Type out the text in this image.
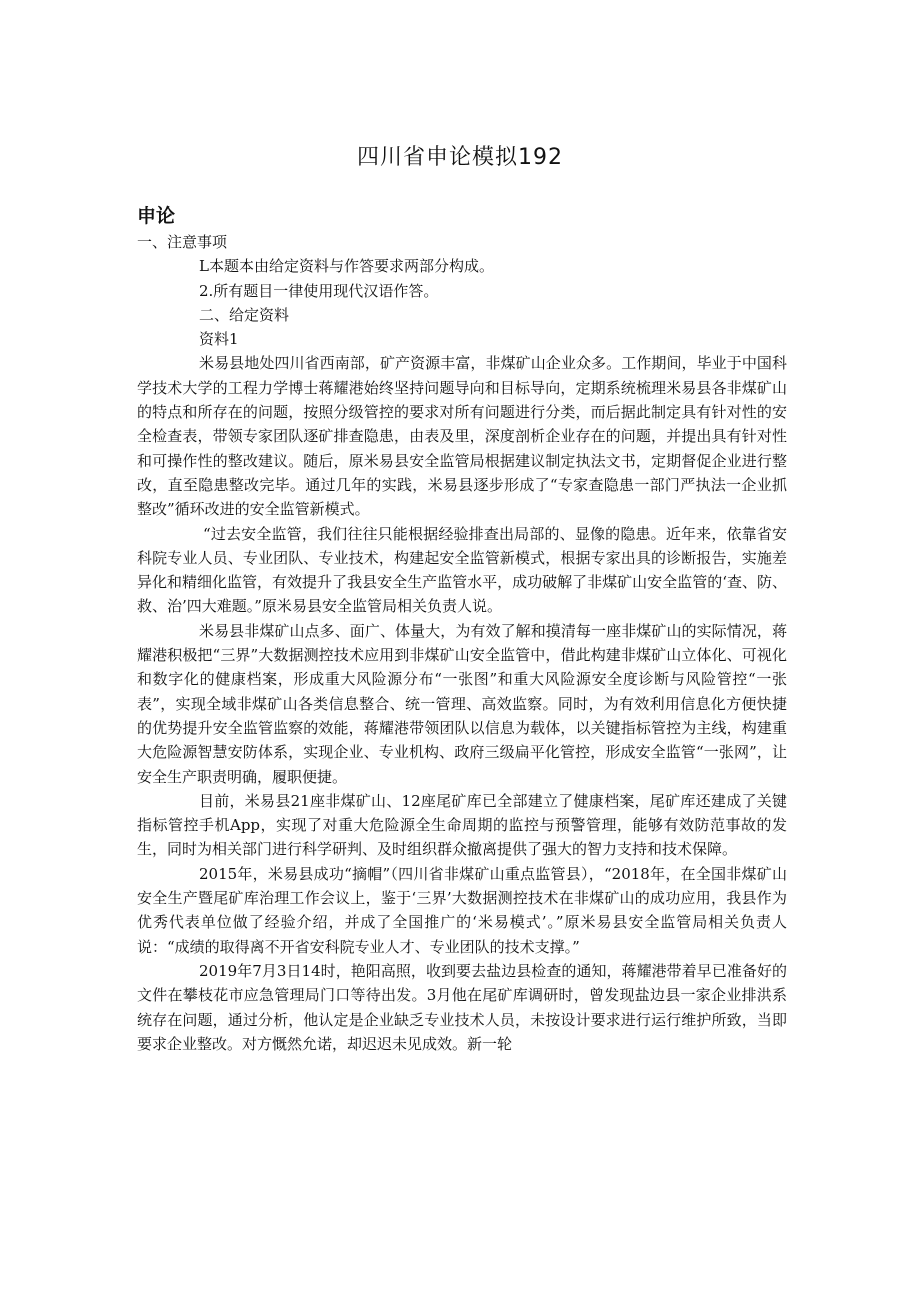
四川省申论模拟192
申论

一、注意事项

L本题本由给定资料与作答要求两部分构成。

2.所有题目一律使用现代汉语作答。

二、给定资料

资料1

米易县地处四川省西南部，矿产资源丰富，非煤矿山企业众多。工作期间，毕业于中国科学技术大学的工程力学博士蒋耀港始终坚持问题导向和目标导向，定期系统梳理米易县各非煤矿山的特点和所存在的问题，按照分级管控的要求对所有问题进行分类，而后据此制定具有针对性的安全检查表，带领专家团队逐矿排查隐患，由表及里，深度剖析企业存在的问题，并提出具有针对性和可操作性的整改建议。随后，原米易县安全监管局根据建议制定执法文书，定期督促企业进行整改，直至隐患整改完毕。通过几年的实践，米易县逐步形成了“专家查隐患一部门严执法一企业抓整改”循环改进的安全监管新模式。

“过去安全监管，我们往往只能根据经验排查出局部的、显像的隐患。近年来，依靠省安科院专业人员、专业团队、专业技术，构建起安全监管新模式，根据专家出具的诊断报告，实施差异化和精细化监管，有效提升了我县安全生产监管水平，成功破解了非煤矿山安全监管的‘查、防、救、治’四大难题。”原米易县安全监管局相关负责人说。

米易县非煤矿山点多、面广、体量大，为有效了解和摸清每一座非煤矿山的实际情况，蒋耀港积极把“三界”大数据测控技术应用到非煤矿山安全监管中，借此构建非煤矿山立体化、可视化和数字化的健康档案，形成重大风险源分布“一张图”和重大风险源安全度诊断与风险管控“一张表”，实现全域非煤矿山各类信息整合、统一管理、高效监察。同时，为有效利用信息化方便快捷的优势提升安全监管监察的效能，蒋耀港带领团队以信息为载体，以关键指标管控为主线，构建重大危险源智慧安防体系，实现企业、专业机构、政府三级扁平化管控，形成安全监管“一张网”，让安全生产职责明确，履职便捷。

目前，米易县21座非煤矿山、12座尾矿库已全部建立了健康档案，尾矿库还建成了关键指标管控手机App，实现了对重大危险源全生命周期的监控与预警管理，能够有效防范事故的发生，同时为相关部门进行科学研判、及时组织群众撤离提供了强大的智力支持和技术保障。

2015年，米易县成功“摘帽”（四川省非煤矿山重点监管县），“2018年，在全国非煤矿山安全生产暨尾矿库治理工作会议上，鉴于‘三界’大数据测控技术在非煤矿山的成功应用，我县作为优秀代表单位做了经验介绍，并成了全国推广的‘米易模式’。”原米易县安全监管局相关负责人说：“成绩的取得离不开省安科院专业人才、专业团队的技术支撑。”

2019年7月3日14时，艳阳高照，收到要去盐边县检查的通知，蒋耀港带着早已准备好的文件在攀枝花市应急管理局门口等待出发。3月他在尾矿库调研时，曾发现盐边县一家企业排洪系统存在问题，通过分析，他认定是企业缺乏专业技术人员，未按设计要求进行运行维护所致，当即要求企业整改。对方慨然允诺，却迟迟未见成效。新一轮
